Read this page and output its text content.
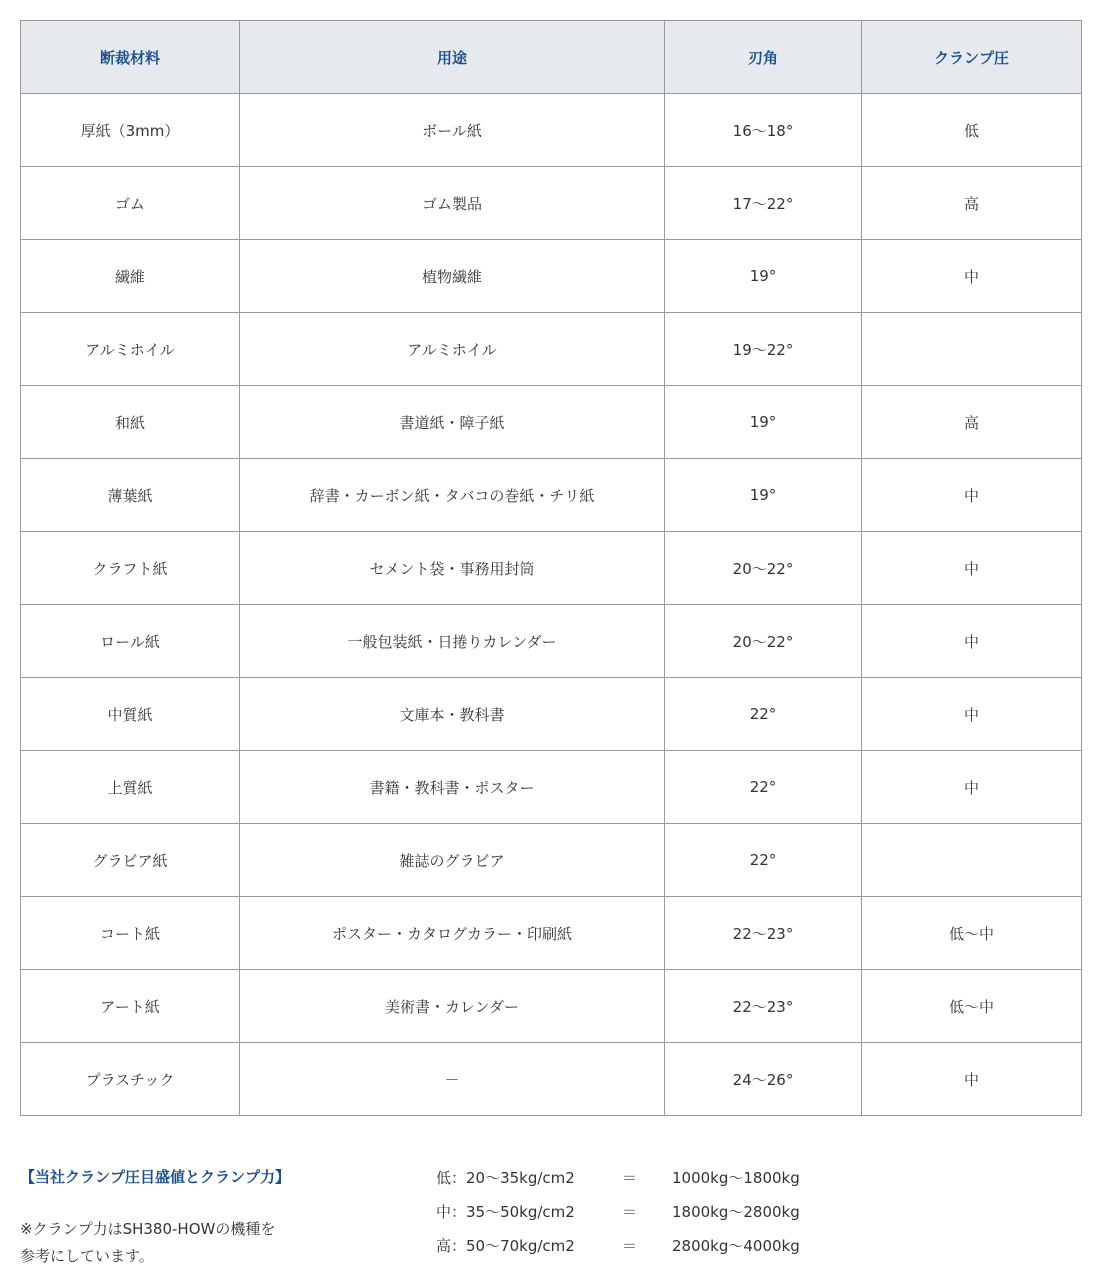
断裁材料	用途	刃角	クランプ圧
厚紙（3mm）	ボール紙	16～18°	低
ゴム	ゴム製品	17～22°	高
繊維	植物繊維	19°	中
アルミホイル	アルミホイル	19～22°	
和紙	書道紙・障子紙	19°	高
薄葉紙	辞書・カーボン紙・タバコの巻紙・チリ紙	19°	中
クラフト紙	セメント袋・事務用封筒	20～22°	中
ロール紙	一般包装紙・日捲りカレンダー	20～22°	中
中質紙	文庫本・教科書	22°	中
上質紙	書籍・教科書・ポスター	22°	中
グラビア紙	雑誌のグラビア	22°	
コート紙	ポスター・カタログカラー・印刷紙	22～23°	低～中
アート紙	美術書・カレンダー	22～23°	低～中
プラスチック	－	24～26°	中
【当社クランプ圧目盛値とクランプ力】
※クランプ力はSH380-HOWの機種を
参考にしています。
低：20～35kg/cm2	＝	1000kg～1800kg
中：35～50kg/cm2	＝	1800kg～2800kg
高：50～70kg/cm2	＝	2800kg～4000kg
